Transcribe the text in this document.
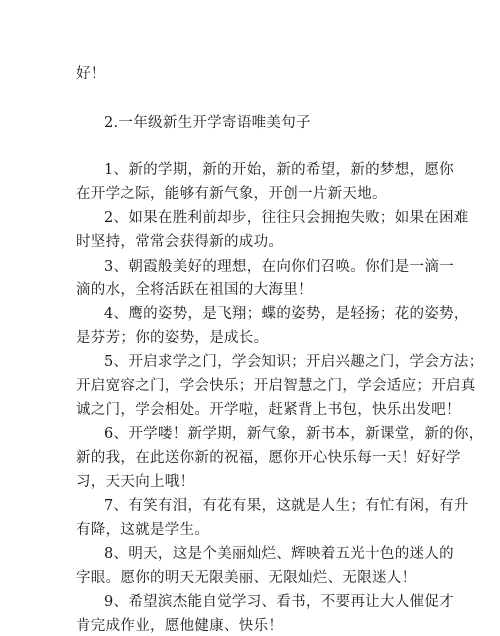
好！
2.一年级新生开学寄语唯美句子
1、新的学期，新的开始，新的希望，新的梦想，愿你
在开学之际，能够有新气象，开创一片新天地。
2、如果在胜利前却步，往往只会拥抱失败；如果在困难
时坚持，常常会获得新的成功。
3、朝霞般美好的理想，在向你们召唤。你们是一滴一
滴的水，全将活跃在祖国的大海里！
4、鹰的姿势，是飞翔；蝶的姿势，是轻扬；花的姿势，
是芬芳；你的姿势，是成长。
5、开启求学之门，学会知识；开启兴趣之门，学会方法；
开启宽容之门，学会快乐；开启智慧之门，学会适应；开启真
诚之门，学会相处。开学啦，赶紧背上书包，快乐出发吧！
6、开学喽！新学期，新气象，新书本，新课堂，新的你，
新的我，在此送你新的祝福，愿你开心快乐每一天！好好学
习，天天向上哦！
7、有笑有泪，有花有果，这就是人生；有忙有闲，有升
有降，这就是学生。
8、明天，这是个美丽灿烂、辉映着五光十色的迷人的
字眼。愿你的明天无限美丽、无限灿烂、无限迷人！
9、希望滨杰能自觉学习、看书，不要再让大人催促才
肯完成作业，愿他健康、快乐！
